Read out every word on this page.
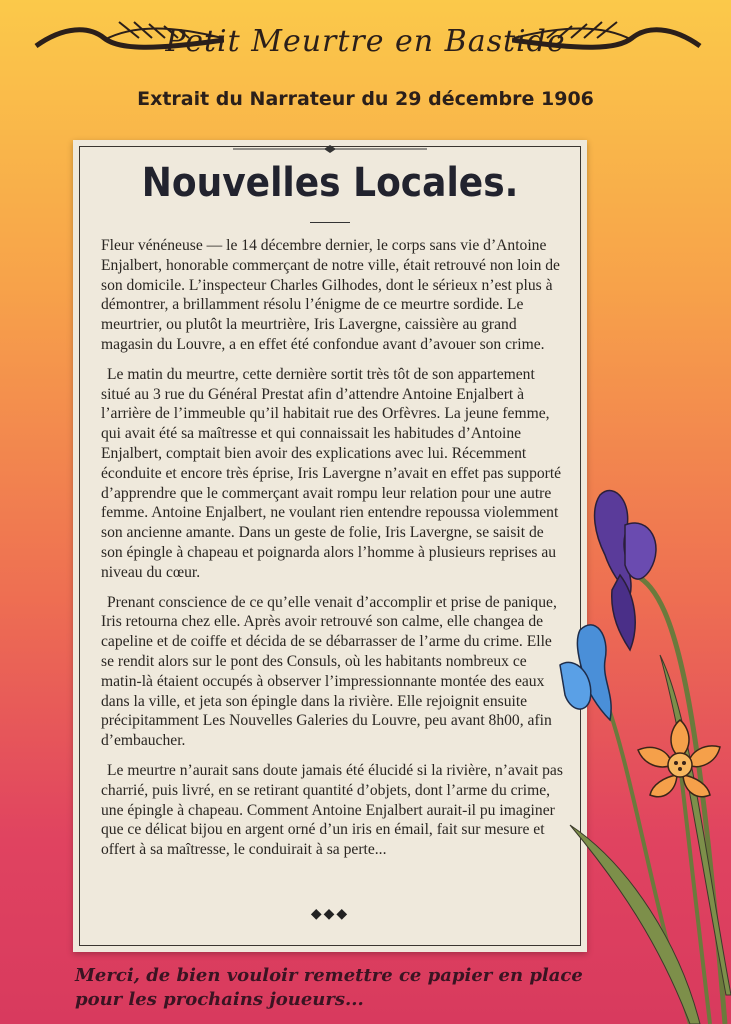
Petit Meurtre en Bastide
Extrait du Narrateur du 29 décembre 1906
Nouvelles Locales.

Fleur vénéneuse — le 14 décembre dernier, le corps sans vie d’Antoine Enjalbert, honorable commerçant de notre ville, était retrouvé non loin de son domicile. L’inspecteur Charles Gilhodes, dont le sérieux n’est plus à démontrer, a brillamment résolu l’énigme de ce meurtre sordide. Le meurtrier, ou plutôt la meurtrière, Iris Lavergne, caissière au grand magasin du Louvre, a en effet été confondue avant d’avouer son crime.

Le matin du meurtre, cette dernière sortit très tôt de son appartement situé au 3 rue du Général Prestat afin d’attendre Antoine Enjalbert à l’arrière de l’immeuble qu’il habitait rue des Orfèvres. La jeune femme, qui avait été sa maîtresse et qui connaissait les habitudes d’Antoine Enjalbert, comptait bien avoir des explications avec lui. Récemment éconduite et encore très éprise, Iris Lavergne n’avait en effet pas supporté d’apprendre que le commerçant avait rompu leur relation pour une autre femme. Antoine Enjalbert, ne voulant rien entendre repoussa violemment son ancienne amante. Dans un geste de folie, Iris Lavergne, se saisit de son épingle à chapeau et poignarda alors l’homme à plusieurs reprises au niveau du cœur.

Prenant conscience de ce qu’elle venait d’accomplir et prise de panique, Iris retourna chez elle. Après avoir retrouvé son calme, elle changea de capeline et de coiffe et décida de se débarrasser de l’arme du crime. Elle se rendit alors sur le pont des Consuls, où les habitants nombreux ce matin-là étaient occupés à observer l’impressionnante montée des eaux dans la ville, et jeta son épingle dans la rivière. Elle rejoignit ensuite précipitamment Les Nouvelles Galeries du Louvre, peu avant 8h00, afin d’embaucher.

Le meurtre n’aurait sans doute jamais été élucidé si la rivière, n’avait pas charrié, puis livré, en se retirant quantité d’objets, dont l’arme du crime, une épingle à chapeau. Comment Antoine Enjalbert aurait-il pu imaginer que ce délicat bijou en argent orné d’un iris en émail, fait sur mesure et offert à sa maîtresse, le conduirait à sa perte...

◆◆◆
Merci, de bien vouloir remettre ce papier en place pour les prochains joueurs...
